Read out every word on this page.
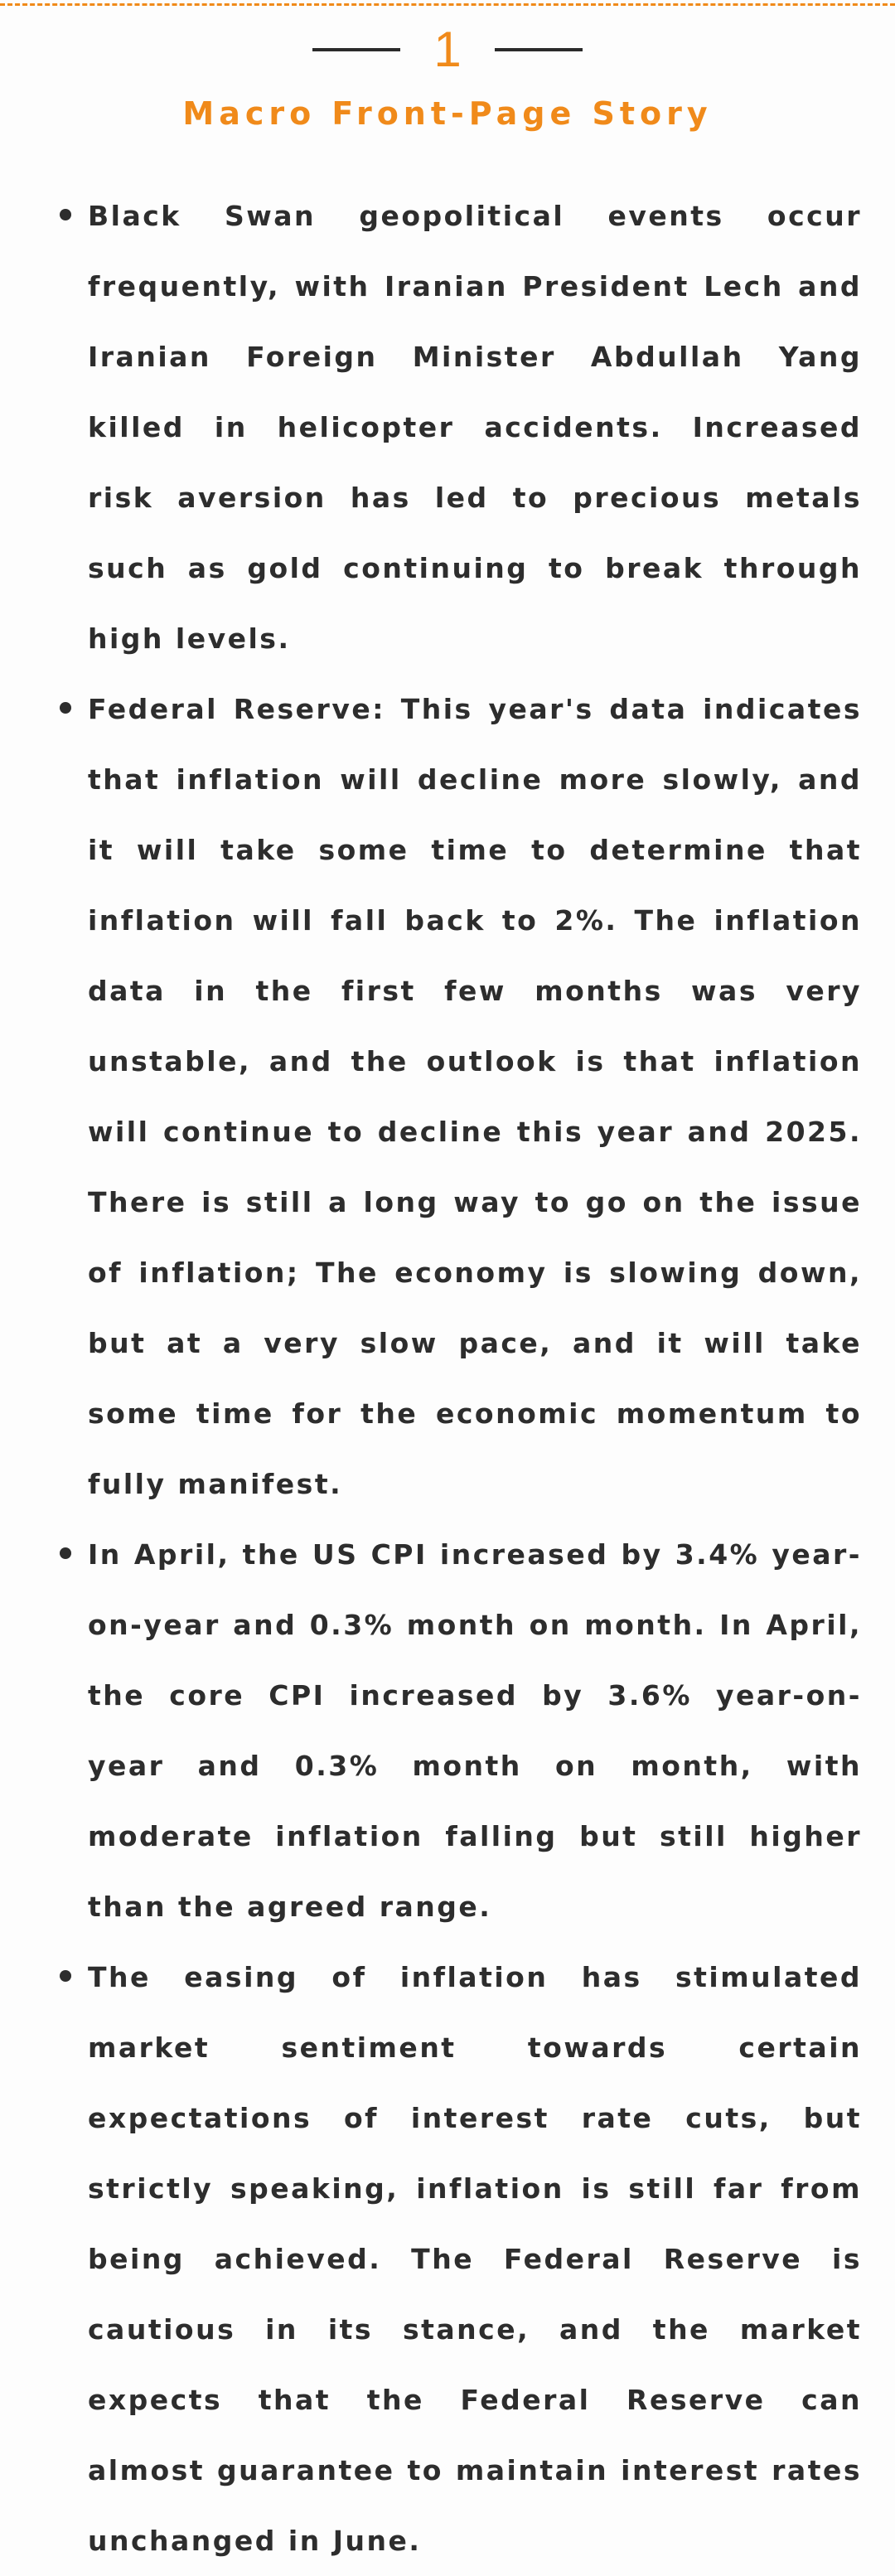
1
Macro Front-Page Story
Black Swan geopolitical events occur frequently, with Iranian President Lech and Iranian Foreign Minister Abdullah Yang killed in helicopter accidents. Increased risk aversion has led to precious metals such as gold continuing to break through high levels.
Federal Reserve: This year's data indicates that inflation will decline more slowly, and it will take some time to determine that inflation will fall back to 2%. The inflation data in the first few months was very unstable, and the outlook is that inflation will continue to decline this year and 2025. There is still a long way to go on the issue of inflation; The economy is slowing down, but at a very slow pace, and it will take some time for the economic momentum to fully manifest.
In April, the US CPI increased by 3.4% year-on-year and 0.3% month on month. In April, the core CPI increased by 3.6% year-on-year and 0.3% month on month, with moderate inflation falling but still higher than the agreed range.
The easing of inflation has stimulated market sentiment towards certain expectations of interest rate cuts, but strictly speaking, inflation is still far from being achieved. The Federal Reserve is cautious in its stance, and the market expects that the Federal Reserve can almost guarantee to maintain interest rates unchanged in June.
